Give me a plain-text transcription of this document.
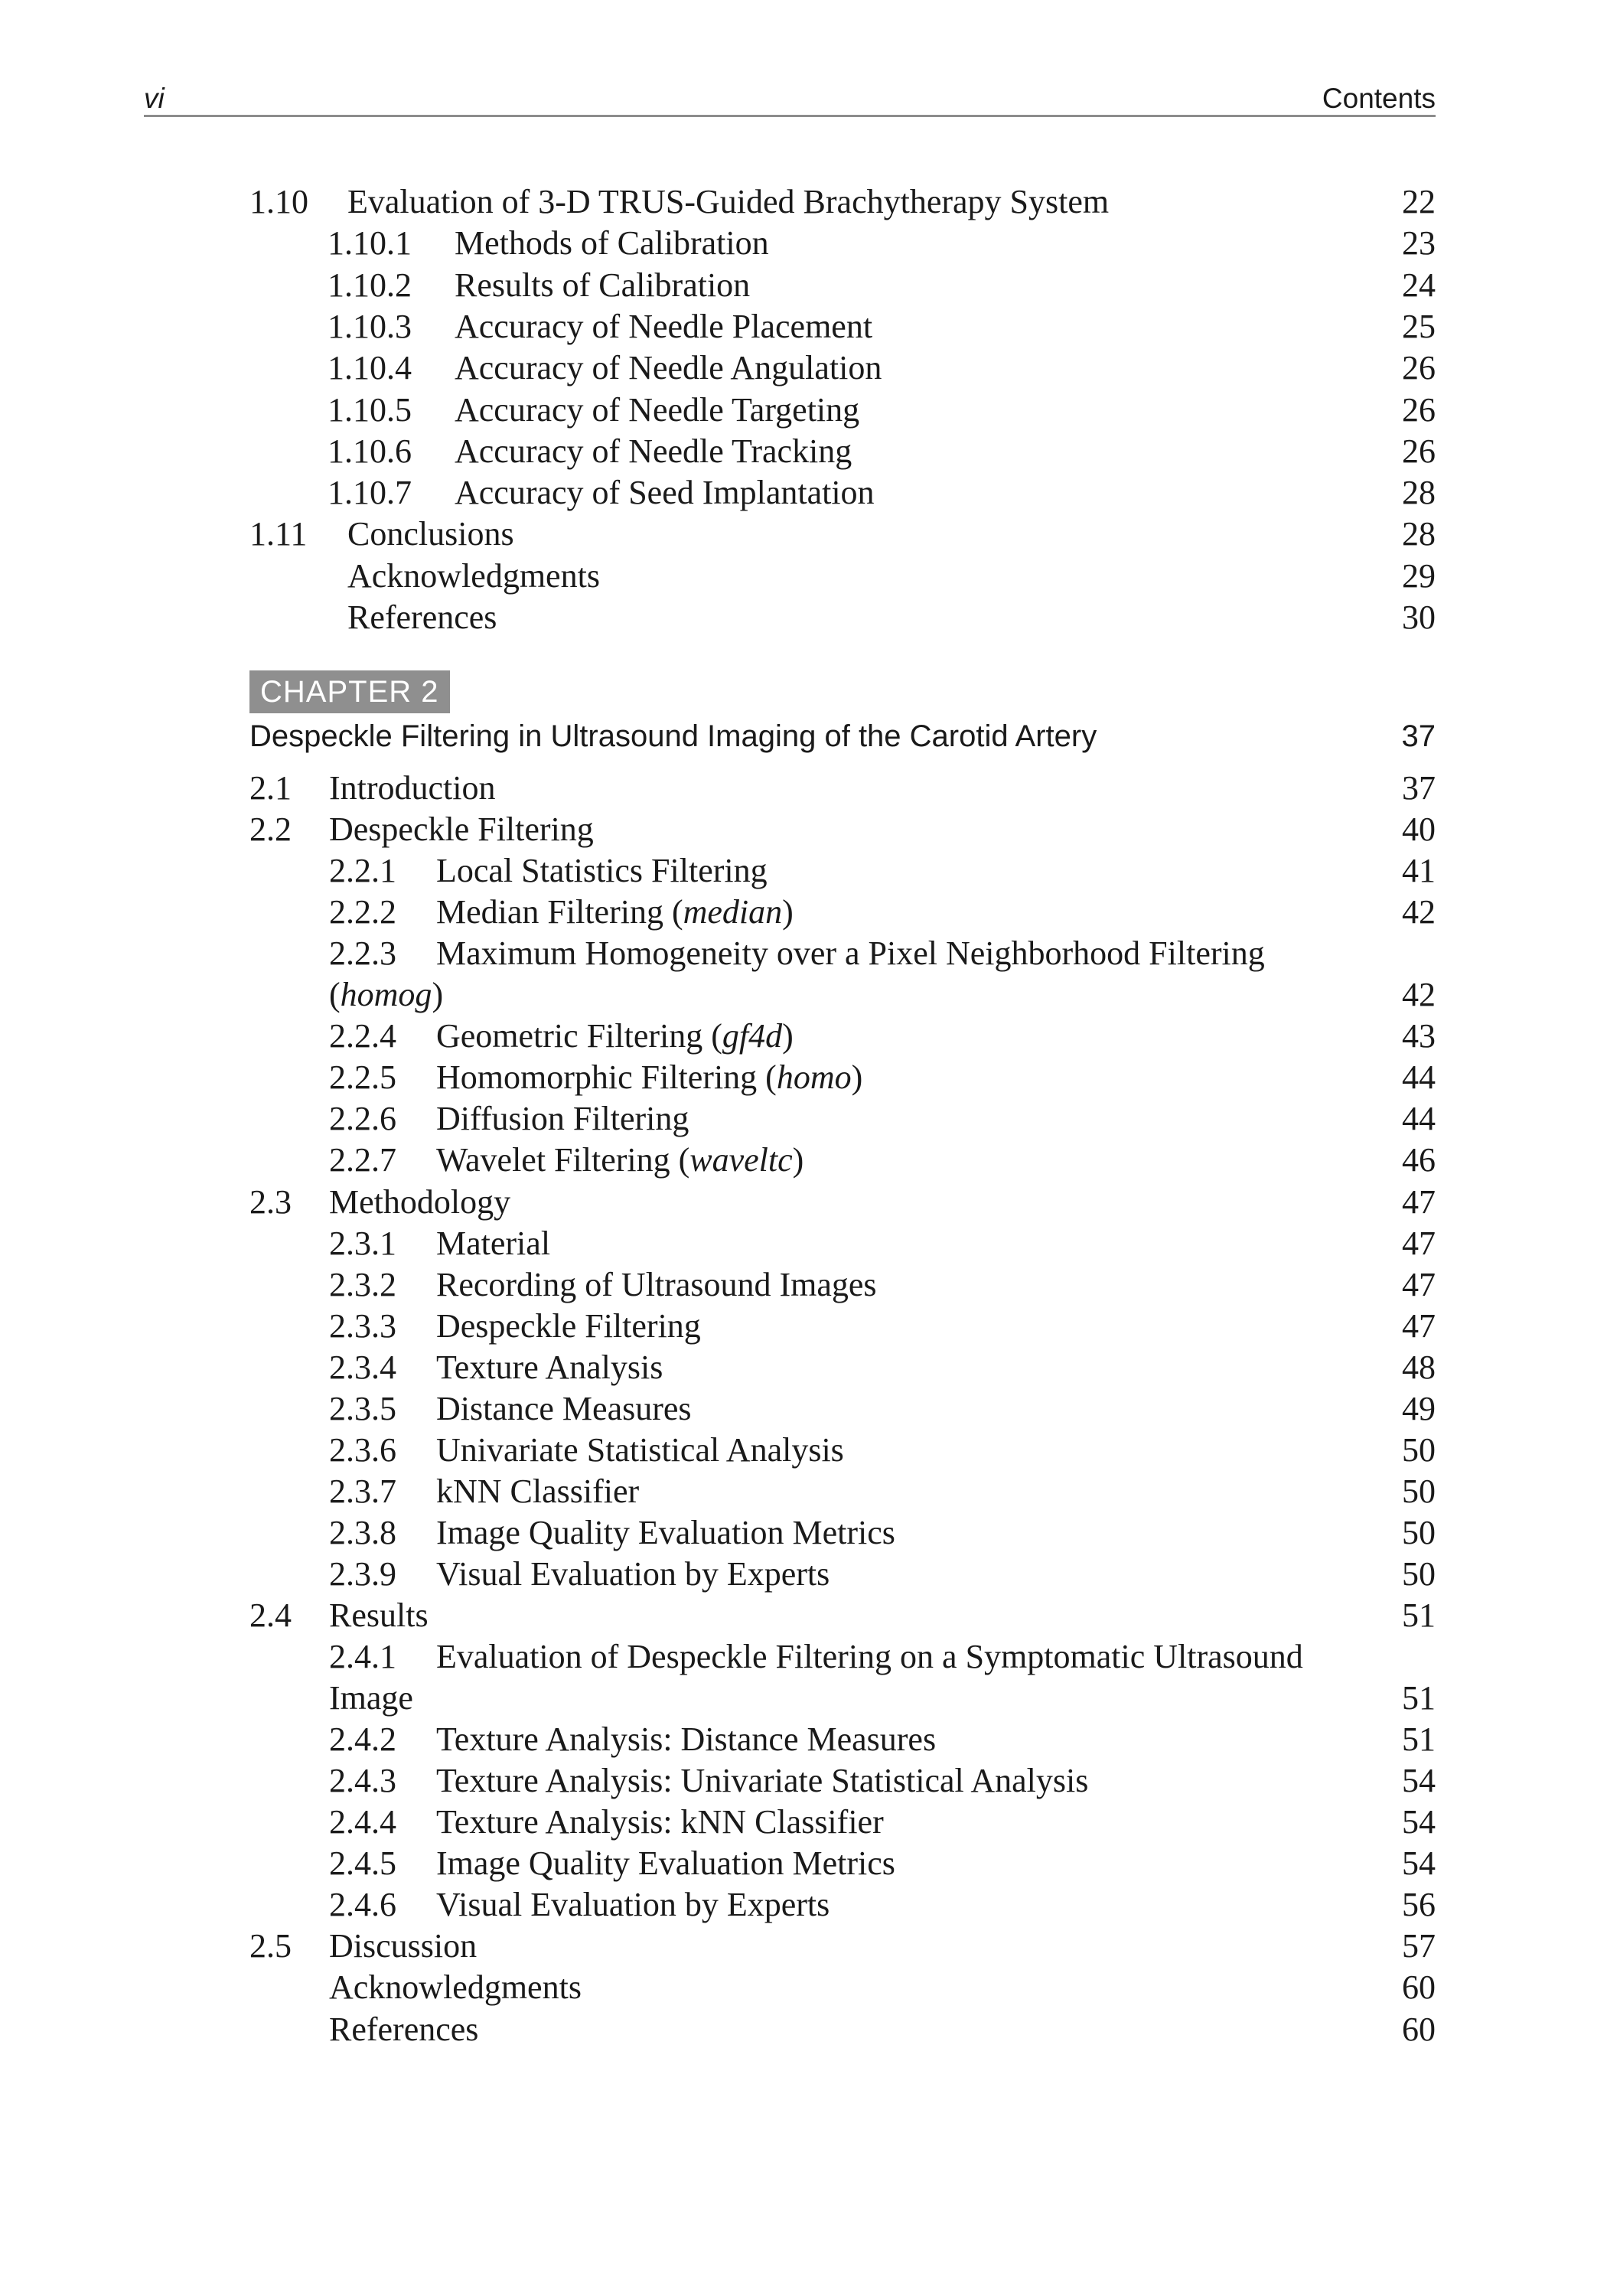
vi	Contents
1.10 Evaluation of 3-D TRUS-Guided Brachytherapy System	22
1.10.1 Methods of Calibration	23
1.10.2 Results of Calibration	24
1.10.3 Accuracy of Needle Placement	25
1.10.4 Accuracy of Needle Angulation	26
1.10.5 Accuracy of Needle Targeting	26
1.10.6 Accuracy of Needle Tracking	26
1.10.7 Accuracy of Seed Implantation	28
1.11 Conclusions	28
Acknowledgments	29
References	30
CHAPTER 2
Despeckle Filtering in Ultrasound Imaging of the Carotid Artery	37
2.1 Introduction	37
2.2 Despeckle Filtering	40
2.2.1 Local Statistics Filtering	41
2.2.2 Median Filtering (median)	42
2.2.3 Maximum Homogeneity over a Pixel Neighborhood Filtering
(homog)	42
2.2.4 Geometric Filtering (gf4d)	43
2.2.5 Homomorphic Filtering (homo)	44
2.2.6 Diffusion Filtering	44
2.2.7 Wavelet Filtering (waveltc)	46
2.3 Methodology	47
2.3.1 Material	47
2.3.2 Recording of Ultrasound Images	47
2.3.3 Despeckle Filtering	47
2.3.4 Texture Analysis	48
2.3.5 Distance Measures	49
2.3.6 Univariate Statistical Analysis	50
2.3.7 kNN Classifier	50
2.3.8 Image Quality Evaluation Metrics	50
2.3.9 Visual Evaluation by Experts	50
2.4 Results	51
2.4.1 Evaluation of Despeckle Filtering on a Symptomatic Ultrasound
Image	51
2.4.2 Texture Analysis: Distance Measures	51
2.4.3 Texture Analysis: Univariate Statistical Analysis	54
2.4.4 Texture Analysis: kNN Classifier	54
2.4.5 Image Quality Evaluation Metrics	54
2.4.6 Visual Evaluation by Experts	56
2.5 Discussion	57
Acknowledgments	60
References	60
